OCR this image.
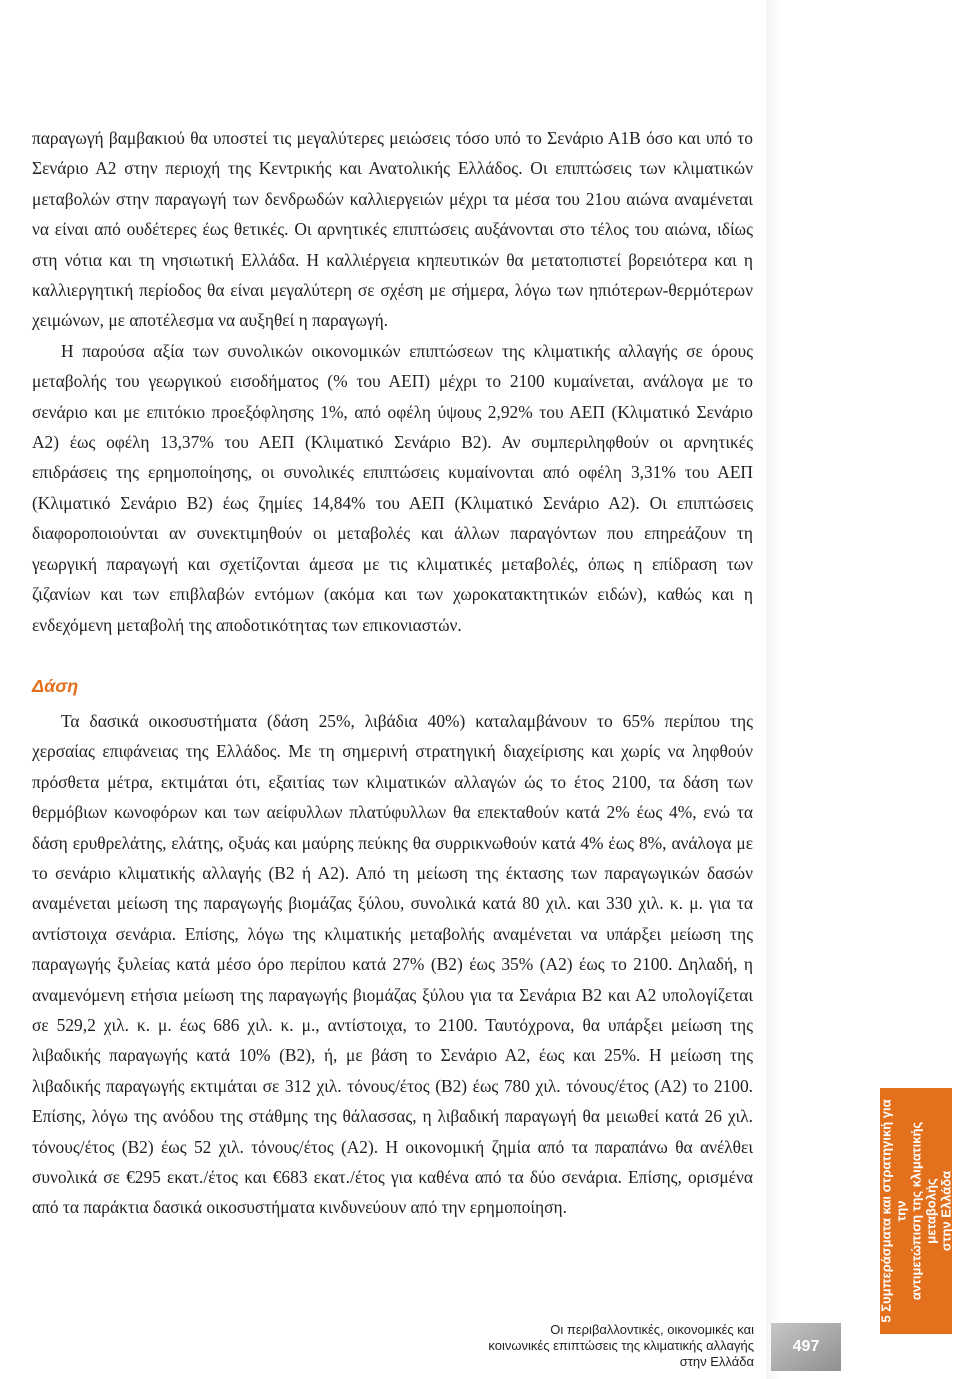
παραγωγή βαμβακιού θα υποστεί τις μεγαλύτερες μειώσεις τόσο υπό το Σενάριο Α1Β όσο και υπό το Σενάριο Α2 στην περιοχή της Κεντρικής και Ανατολικής Ελλάδος. Οι επιπτώσεις των κλιματικών μεταβολών στην παραγωγή των δενδρωδών καλλιεργειών μέχρι τα μέσα του 21ου αιώνα αναμένεται να είναι από ουδέτερες έως θετικές. Οι αρνητικές επιπτώσεις αυξάνονται στο τέλος του αιώνα, ιδίως στη νότια και τη νησιωτική Ελλάδα. Η καλλιέργεια κηπευτικών θα μετατοπιστεί βορειότερα και η καλλιεργητική περίοδος θα είναι μεγαλύτερη σε σχέση με σήμερα, λόγω των ηπιότερων-θερμότερων χειμώνων, με αποτέλεσμα να αυξηθεί η παραγωγή.

Η παρούσα αξία των συνολικών οικονομικών επιπτώσεων της κλιματικής αλλαγής σε όρους μεταβολής του γεωργικού εισοδήματος (% του ΑΕΠ) μέχρι το 2100 κυμαίνεται, ανάλογα με το σενάριο και με επιτόκιο προεξόφλησης 1%, από οφέλη ύψους 2,92% του ΑΕΠ (Κλιματικό Σενάριο Α2) έως οφέλη 13,37% του ΑΕΠ (Κλιματικό Σενάριο Β2). Αν συμπεριληφθούν οι αρνητικές επιδράσεις της ερημοποίησης, οι συνολικές επιπτώσεις κυμαίνονται από οφέλη 3,31% του ΑΕΠ (Κλιματικό Σενάριο Β2) έως ζημίες 14,84% του ΑΕΠ (Κλιματικό Σενάριο Α2). Οι επιπτώσεις διαφοροποιούνται αν συνεκτιμηθούν οι μεταβολές και άλλων παραγόντων που επηρεάζουν τη γεωργική παραγωγή και σχετίζονται άμεσα με τις κλιματικές μεταβολές, όπως η επίδραση των ζιζανίων και των επιβλαβών εντόμων (ακόμα και των χωροκατακτητικών ειδών), καθώς και η ενδεχόμενη μεταβολή της αποδοτικότητας των επικονιαστών.

Δάση

Τα δασικά οικοσυστήματα (δάση 25%, λιβάδια 40%) καταλαμβάνουν το 65% περίπου της χερσαίας επιφάνειας της Ελλάδος. Με τη σημερινή στρατηγική διαχείρισης και χωρίς να ληφθούν πρόσθετα μέτρα, εκτιμάται ότι, εξαιτίας των κλιματικών αλλαγών ώς το έτος 2100, τα δάση των θερμόβιων κωνοφόρων και των αείφυλλων πλατύφυλλων θα επεκταθούν κατά 2% έως 4%, ενώ τα δάση ερυθρελάτης, ελάτης, οξυάς και μαύρης πεύκης θα συρρικνωθούν κατά 4% έως 8%, ανάλογα με το σενάριο κλιματικής αλλαγής (Β2 ή Α2). Από τη μείωση της έκτασης των παραγωγικών δασών αναμένεται μείωση της παραγωγής βιομάζας ξύλου, συνολικά κατά 80 χιλ. και 330 χιλ. κ. μ. για τα αντίστοιχα σενάρια. Επίσης, λόγω της κλιματικής μεταβολής αναμένεται να υπάρξει μείωση της παραγωγής ξυλείας κατά μέσο όρο περίπου κατά 27% (Β2) έως 35% (Α2) έως το 2100. Δηλαδή, η αναμενόμενη ετήσια μείωση της παραγωγής βιομάζας ξύλου για τα Σενάρια Β2 και Α2 υπολογίζεται σε 529,2 χιλ. κ. μ. έως 686 χιλ. κ. μ., αντίστοιχα, το 2100. Ταυτόχρονα, θα υπάρξει μείωση της λιβαδικής παραγωγής κατά 10% (Β2), ή, με βάση το Σενάριο Α2, έως και 25%. Η μείωση της λιβαδικής παραγωγής εκτιμάται σε 312 χιλ. τόνους/έτος (Β2) έως 780 χιλ. τόνους/έτος (Α2) το 2100. Επίσης, λόγω της ανόδου της στάθμης της θάλασσας, η λιβαδική παραγωγή θα μειωθεί κατά 26 χιλ. τόνους/έτος (Β2) έως 52 χιλ. τόνους/έτος (Α2). Η οικονομική ζημία από τα παραπάνω θα ανέλθει συνολικά σε €295 εκατ./έτος και €683 εκατ./έτος για καθένα από τα δύο σενάρια. Επίσης, ορισμένα από τα παράκτια δασικά οικοσυστήματα κινδυνεύουν από την ερημοποίηση.	5 Συμπεράσματα και στρατηγική για την αντιμετώπιση της κλιματικής μεταβολής στην Ελλάδα
Οι περιβαλλοντικές, οικονομικές και
κοινωνικές επιπτώσεις της κλιματικής αλλαγής
στην Ελλάδα
497
